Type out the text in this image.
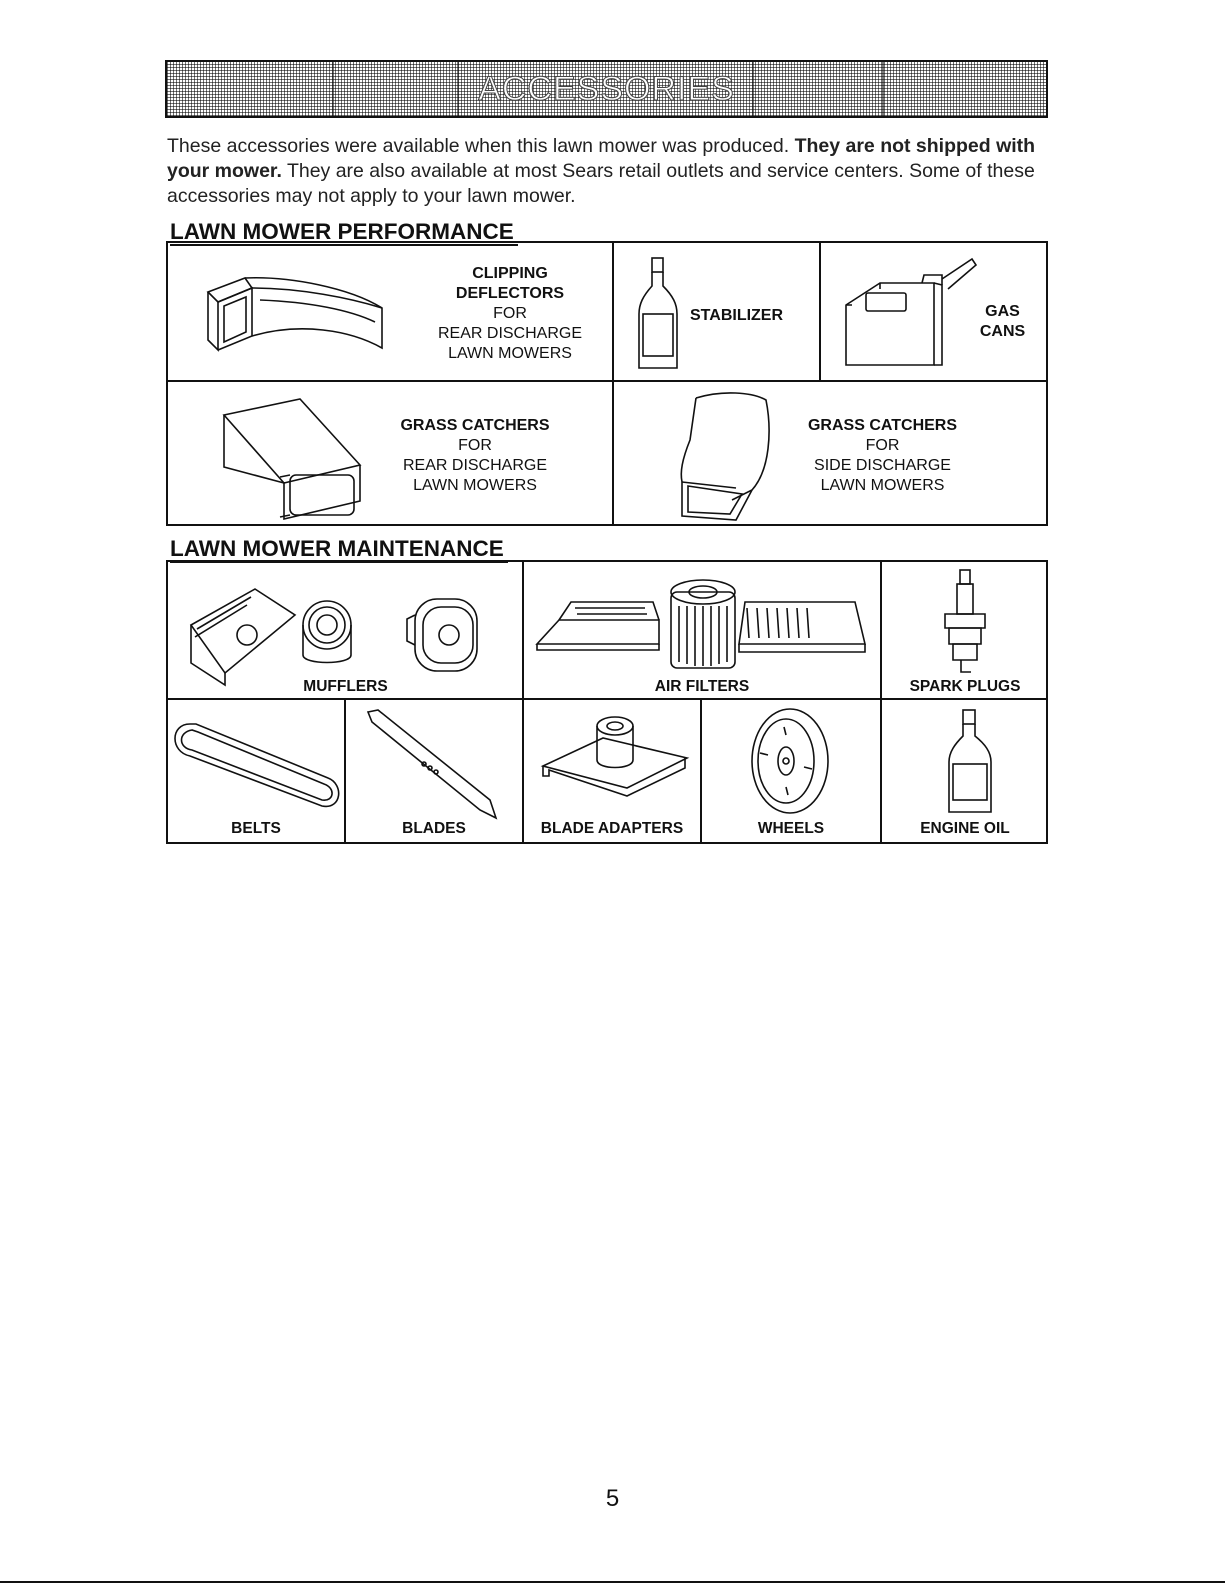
ACCESSORIES
These accessories were available when this lawn mower was produced. They are not shipped with your mower. They are also available at most Sears retail outlets and service centers. Some of these accessories may not apply to your lawn mower.
LAWN MOWER PERFORMANCE
CLIPPING
DEFLECTORS
FOR
REAR DISCHARGE
LAWN MOWERS
STABILIZER	GAS
CANS
GRASS CATCHERS
FOR
REAR DISCHARGE
LAWN MOWERS
GRASS CATCHERS
FOR
SIDE DISCHARGE
LAWN MOWERS
LAWN MOWER MAINTENANCE
MUFFLERS	AIR FILTERS	SPARK PLUGS
BELTS	BLADES	BLADE ADAPTERS	WHEELS	ENGINE OIL
5
